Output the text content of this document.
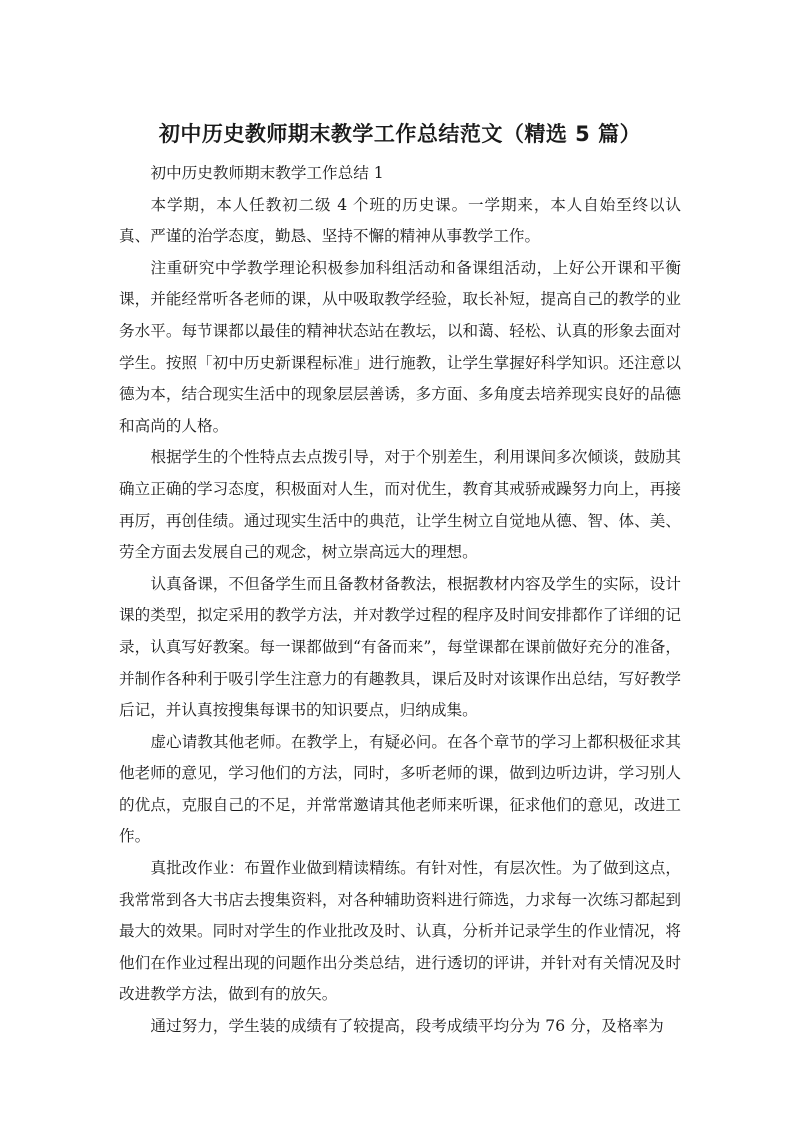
初中历史教师期末教学工作总结范文（精选 5 篇）

初中历史教师期末教学工作总结 1

本学期，本人任教初二级 4 个班的历史课。一学期来，本人自始至终以认真、严谨的治学态度，勤恳、坚持不懈的精神从事教学工作。

注重研究中学教学理论积极参加科组活动和备课组活动，上好公开课和平衡课，并能经常听各老师的课，从中吸取教学经验，取长补短，提高自己的教学的业务水平。每节课都以最佳的精神状态站在教坛，以和蔼、轻松、认真的形象去面对学生。按照「初中历史新课程标准」进行施教，让学生掌握好科学知识。还注意以德为本，结合现实生活中的现象层层善诱，多方面、多角度去培养现实良好的品德和高尚的人格。

根据学生的个性特点去点拨引导，对于个别差生，利用课间多次倾谈，鼓励其确立正确的学习态度，积极面对人生，而对优生，教育其戒骄戒躁努力向上，再接再厉，再创佳绩。通过现实生活中的典范，让学生树立自觉地从德、智、体、美、劳全方面去发展自己的观念，树立崇高远大的理想。

认真备课，不但备学生而且备教材备教法，根据教材内容及学生的实际，设计课的类型，拟定采用的教学方法，并对教学过程的程序及时间安排都作了详细的记录，认真写好教案。每一课都做到“有备而来”，每堂课都在课前做好充分的准备，并制作各种利于吸引学生注意力的有趣教具，课后及时对该课作出总结，写好教学后记，并认真按搜集每课书的知识要点，归纳成集。

虚心请教其他老师。在教学上，有疑必问。在各个章节的学习上都积极征求其他老师的意见，学习他们的方法，同时，多听老师的课，做到边听边讲，学习别人的优点，克服自己的不足，并常常邀请其他老师来听课，征求他们的意见，改进工作。

真批改作业：布置作业做到精读精练。有针对性，有层次性。为了做到这点，我常常到各大书店去搜集资料，对各种辅助资料进行筛选，力求每一次练习都起到最大的效果。同时对学生的作业批改及时、认真，分析并记录学生的作业情况，将他们在作业过程出现的问题作出分类总结，进行透切的评讲，并针对有关情况及时改进教学方法，做到有的放矢。

通过努力，学生装的成绩有了较提高，段考成绩平均分为 76 分，及格率为
